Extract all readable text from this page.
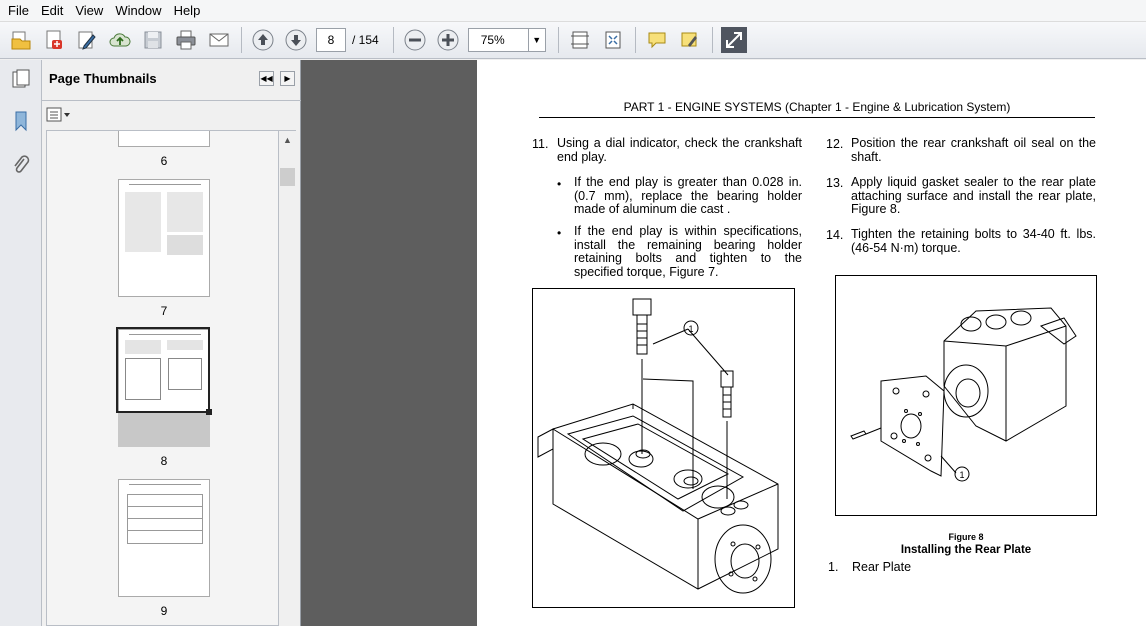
File Edit View Window Help
8	/ 154	75%	▼
Page Thumbnails	◀◀ ▶
6
7
8
9
▲
PART 1 - ENGINE SYSTEMS (Chapter 1 - Engine & Lubrication System)
11. Using a dial indicator, check the crankshaft end play.
• If the end play is greater than 0.028 in. (0.7 mm), replace the bearing holder made of aluminum die cast .
• If the end play is within specifications, install the remaining bearing holder retaining bolts and tighten to the specified torque, Figure 7.
1
12. Position the rear crankshaft oil seal on the shaft.
13. Apply liquid gasket sealer to the rear plate attaching surface and install the rear plate, Figure 8.
14. Tighten the retaining bolts to 34-40 ft. lbs. (46-54 N·m) torque.
1
Figure 8
Installing the Rear Plate
1. Rear Plate
